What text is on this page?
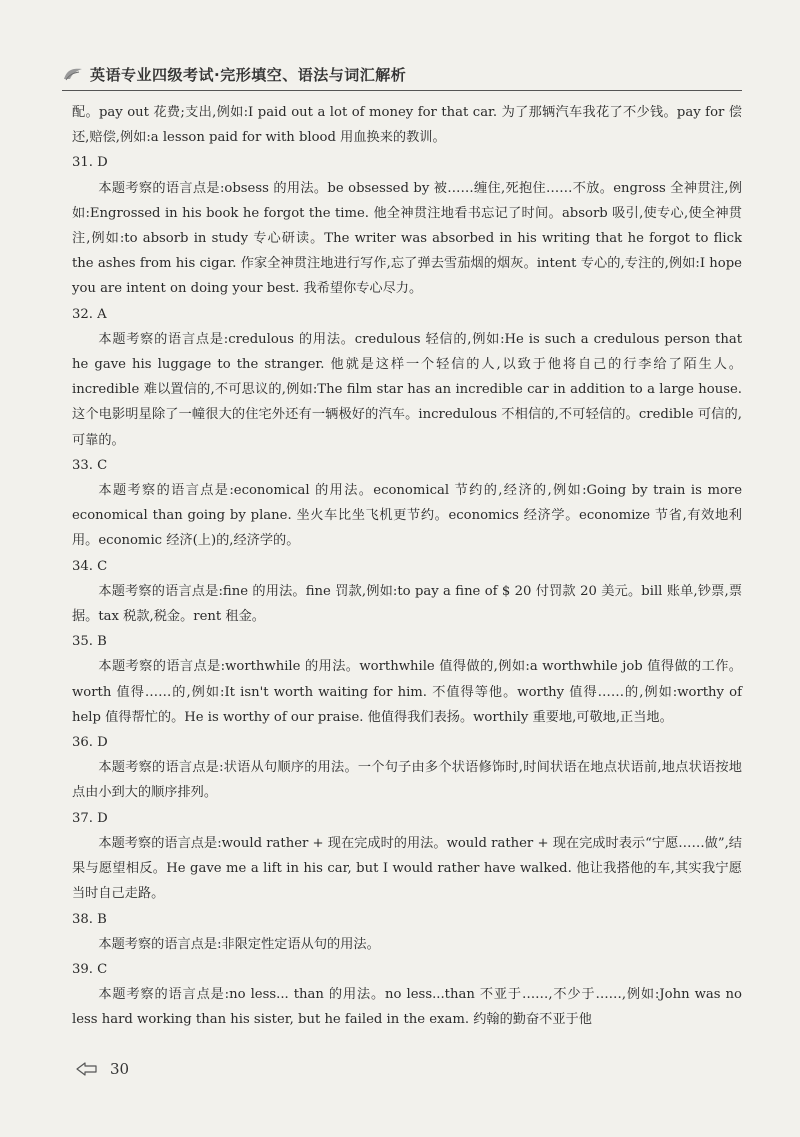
英语专业四级考试·完形填空、语法与词汇解析

配。pay out 花费;支出,例如:I paid out a lot of money for that car. 为了那辆汽车我花了不少钱。pay for 偿还,赔偿,例如:a lesson paid for with blood 用血换来的教训。

31. D

本题考察的语言点是:obsess 的用法。be obsessed by 被……缠住,死抱住……不放。engross 全神贯注,例如:Engrossed in his book he forgot the time. 他全神贯注地看书忘记了时间。absorb 吸引,使专心,使全神贯注,例如:to absorb in study 专心研读。The writer was absorbed in his writing that he forgot to flick the ashes from his cigar. 作家全神贯注地进行写作,忘了弹去雪茄烟的烟灰。intent 专心的,专注的,例如:I hope you are intent on doing your best. 我希望你专心尽力。

32. A

本题考察的语言点是:credulous 的用法。credulous 轻信的,例如:He is such a credulous person that he gave his luggage to the stranger. 他就是这样一个轻信的人,以致于他将自己的行李给了陌生人。incredible 难以置信的,不可思议的,例如:The film star has an incredible car in addition to a large house. 这个电影明星除了一幢很大的住宅外还有一辆极好的汽车。incredulous 不相信的,不可轻信的。credible 可信的,可靠的。

33. C

本题考察的语言点是:economical 的用法。economical 节约的,经济的,例如:Going by train is more economical than going by plane. 坐火车比坐飞机更节约。economics 经济学。economize 节省,有效地利用。economic 经济(上)的,经济学的。

34. C

本题考察的语言点是:fine 的用法。fine 罚款,例如:to pay a fine of $ 20 付罚款 20 美元。bill 账单,钞票,票据。tax 税款,税金。rent 租金。

35. B

本题考察的语言点是:worthwhile 的用法。worthwhile 值得做的,例如:a worthwhile job 值得做的工作。worth 值得……的,例如:It isn't worth waiting for him. 不值得等他。worthy 值得……的,例如:worthy of help 值得帮忙的。He is worthy of our praise. 他值得我们表扬。worthily 重要地,可敬地,正当地。

36. D

本题考察的语言点是:状语从句顺序的用法。一个句子由多个状语修饰时,时间状语在地点状语前,地点状语按地点由小到大的顺序排列。

37. D

本题考察的语言点是:would rather + 现在完成时的用法。would rather + 现在完成时表示“宁愿……做”,结果与愿望相反。He gave me a lift in his car, but I would rather have walked. 他让我搭他的车,其实我宁愿当时自己走路。

38. B

本题考察的语言点是:非限定性定语从句的用法。

39. C

本题考察的语言点是:no less... than 的用法。no less...than 不亚于……,不少于……,例如:John was no less hard working than his sister, but he failed in the exam. 约翰的勤奋不亚于他

30
